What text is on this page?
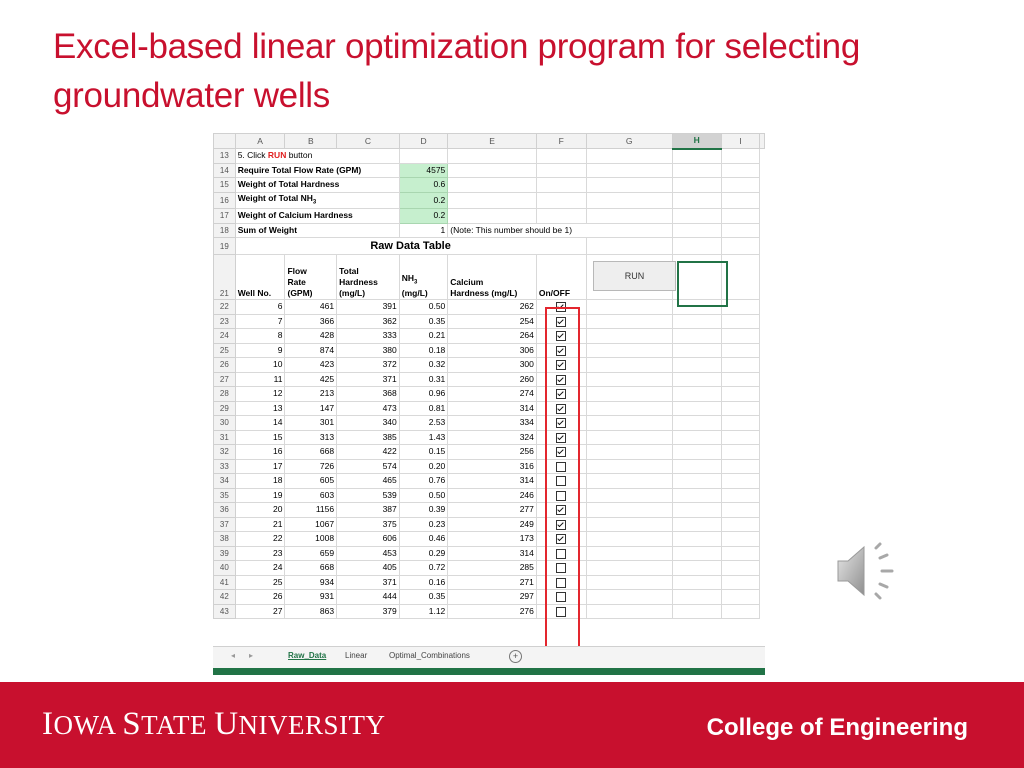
Excel-based linear optimization program for selecting groundwater wells
	A	B	C	D	E	F	G	H	I	
13	5. Click RUN button									
14	Require Total Flow Rate (GPM)			4575						
15	Weight of Total Hardness			0.6						
16	Weight of Total $NH_3$			0.2						
17	Weight of Calcium Hardness			0.2						
18	Sum of Weight			1	(Note: This number should be 1)					
19	Raw Data Table									
21	Well No.	Flow
Rate
(GPM)	Total
Hardness
(mg/L)	$NH_3$
(mg/L)	Calcium
Hardness (mg/L)	On/OFF				
22	6	461	391	0.50	262					
23	7	366	362	0.35	254					
24	8	428	333	0.21	264					
25	9	874	380	0.18	306					
26	10	423	372	0.32	300					
27	11	425	371	0.31	260					
28	12	213	368	0.96	274					
29	13	147	473	0.81	314					
30	14	301	340	2.53	334					
31	15	313	385	1.43	324					
32	16	668	422	0.15	256					
33	17	726	574	0.20	316					
34	18	605	465	0.76	314					
35	19	603	539	0.50	246					
36	20	1156	387	0.39	277					
37	21	1067	375	0.23	249					
38	22	1008	606	0.46	173					
39	23	659	453	0.29	314					
40	24	668	405	0.72	285					
41	25	934	371	0.16	271					
42	26	931	444	0.35	297					
43	27	863	379	1.12	276					
RUN
◂ ▸	Raw_Data Linear	Optimal_Combinations	+
IOWA STATE UNIVERSITY	College of Engineering
